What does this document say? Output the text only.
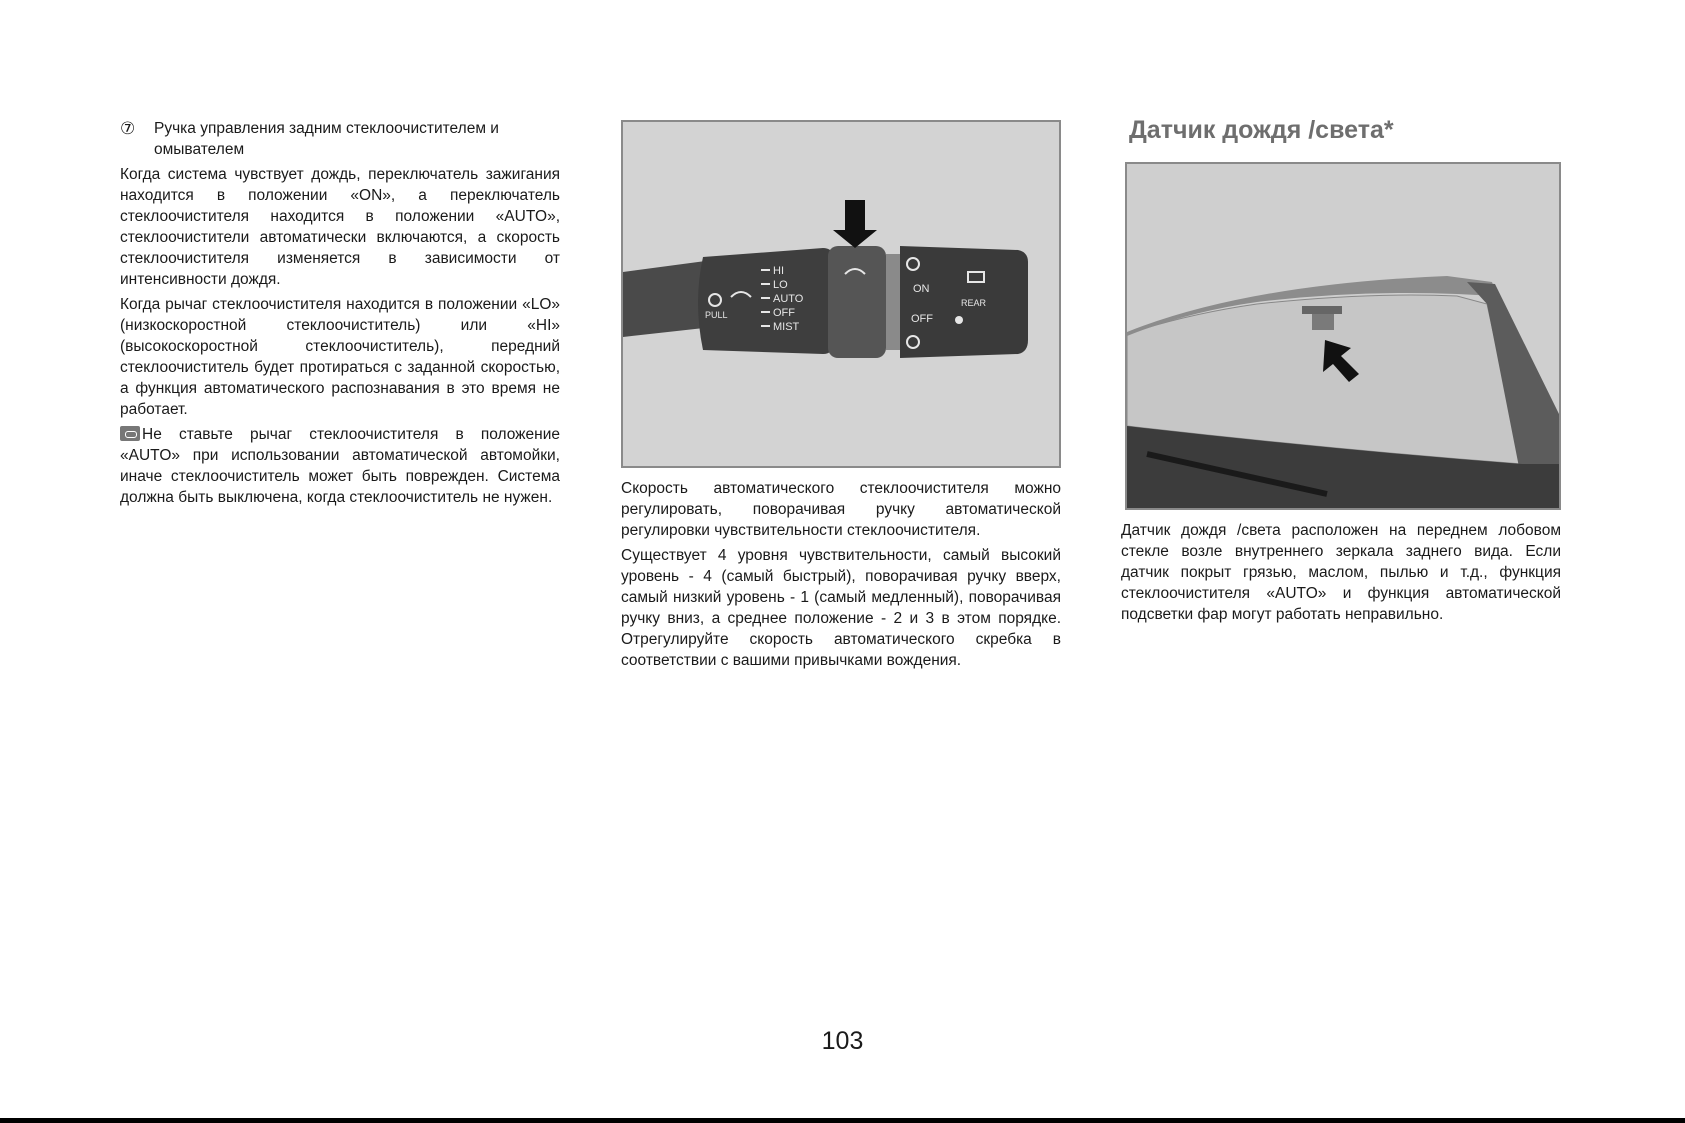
⑦	Ручка управления задним стеклоочистителем и омывателем

Когда система чувствует дождь, переключатель зажигания находится в положении «ON», а переключатель стеклоочистителя находится в положении «AUTO», стеклоочистители автоматически включаются, а скорость стеклоочистителя изменяется в зависимости от интенсивности дождя.

Когда рычаг стеклоочистителя находится в положении «LO» (низкоскоростной стеклоочиститель) или «HI» (высокоскоростной стеклоочиститель), передний стеклоочиститель будет протираться с заданной скоростью, а функция автоматического распознавания в это время не работает.

Не ставьте рычаг стеклоочистителя в положение «AUTO» при использовании автоматической автомойки, иначе стеклоочиститель может быть поврежден. Система должна быть выключена, когда стеклоочиститель не нужен.

HI
LO
AUTO
OFF
MIST
PULL
ON
OFF
REAR

Скорость автоматического стеклоочистителя можно регулировать, поворачивая ручку автоматической регулировки чувствительности стеклоочистителя.

Существует 4 уровня чувствительности, самый высокий уровень - 4 (самый быстрый), поворачивая ручку вверх, самый низкий уровень - 1 (самый медленный), поворачивая ручку вниз, а среднее положение - 2 и 3 в этом порядке. Отрегулируйте скорость автоматического скребка в соответствии с вашими привычками вождения.

Датчик дождя /света*

Датчик дождя /света расположен на переднем лобовом стекле возле внутреннего зеркала заднего вида. Если датчик покрыт грязью, маслом, пылью и т.д., функция стеклоочистителя «AUTO» и функция автоматической подсветки фар могут работать неправильно.

103
